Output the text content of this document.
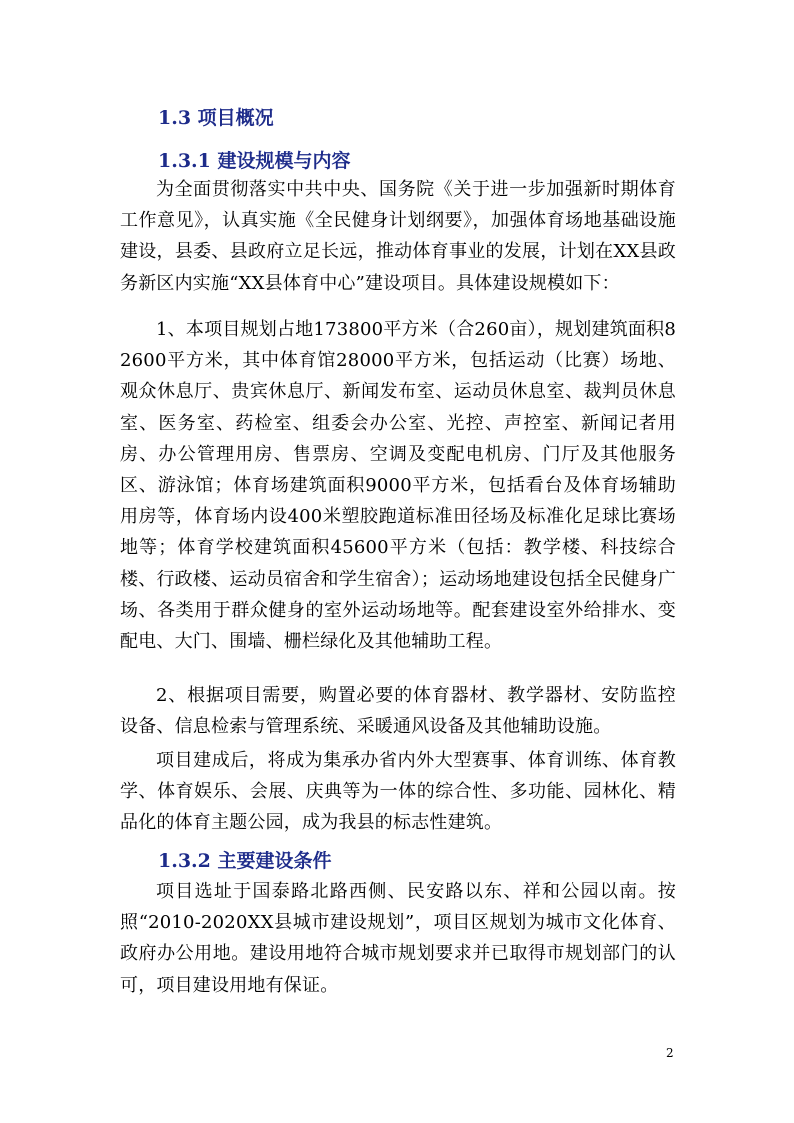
1.3 项目概况
1.3.1 建设规模与内容
为全面贯彻落实中共中央、国务院《关于进一步加强新时期体育工作意见》，认真实施《全民健身计划纲要》，加强体育场地基础设施建设，县委、县政府立足长远，推动体育事业的发展，计划在XX县政务新区内实施“XX县体育中心”建设项目。具体建设规模如下：
1、本项目规划占地173800平方米（合260亩），规划建筑面积82600平方米，其中体育馆28000平方米，包括运动（比赛）场地、观众休息厅、贵宾休息厅、新闻发布室、运动员休息室、裁判员休息室、医务室、药检室、组委会办公室、光控、声控室、新闻记者用房、办公管理用房、售票房、空调及变配电机房、门厅及其他服务区、游泳馆；体育场建筑面积9000平方米，包括看台及体育场辅助用房等，体育场内设400米塑胶跑道标准田径场及标准化足球比赛场地等；体育学校建筑面积45600平方米（包括：教学楼、科技综合楼、行政楼、运动员宿舍和学生宿舍）；运动场地建设包括全民健身广场、各类用于群众健身的室外运动场地等。配套建设室外给排水、变配电、大门、围墙、栅栏绿化及其他辅助工程。
2、根据项目需要，购置必要的体育器材、教学器材、安防监控设备、信息检索与管理系统、采暖通风设备及其他辅助设施。
项目建成后，将成为集承办省内外大型赛事、体育训练、体育教学、体育娱乐、会展、庆典等为一体的综合性、多功能、园林化、精品化的体育主题公园，成为我县的标志性建筑。
1.3.2 主要建设条件
项目选址于国泰路北路西侧、民安路以东、祥和公园以南。按照“2010-2020XX县城市建设规划”，项目区规划为城市文化体育、政府办公用地。建设用地符合城市规划要求并已取得市规划部门的认可，项目建设用地有保证。
2
